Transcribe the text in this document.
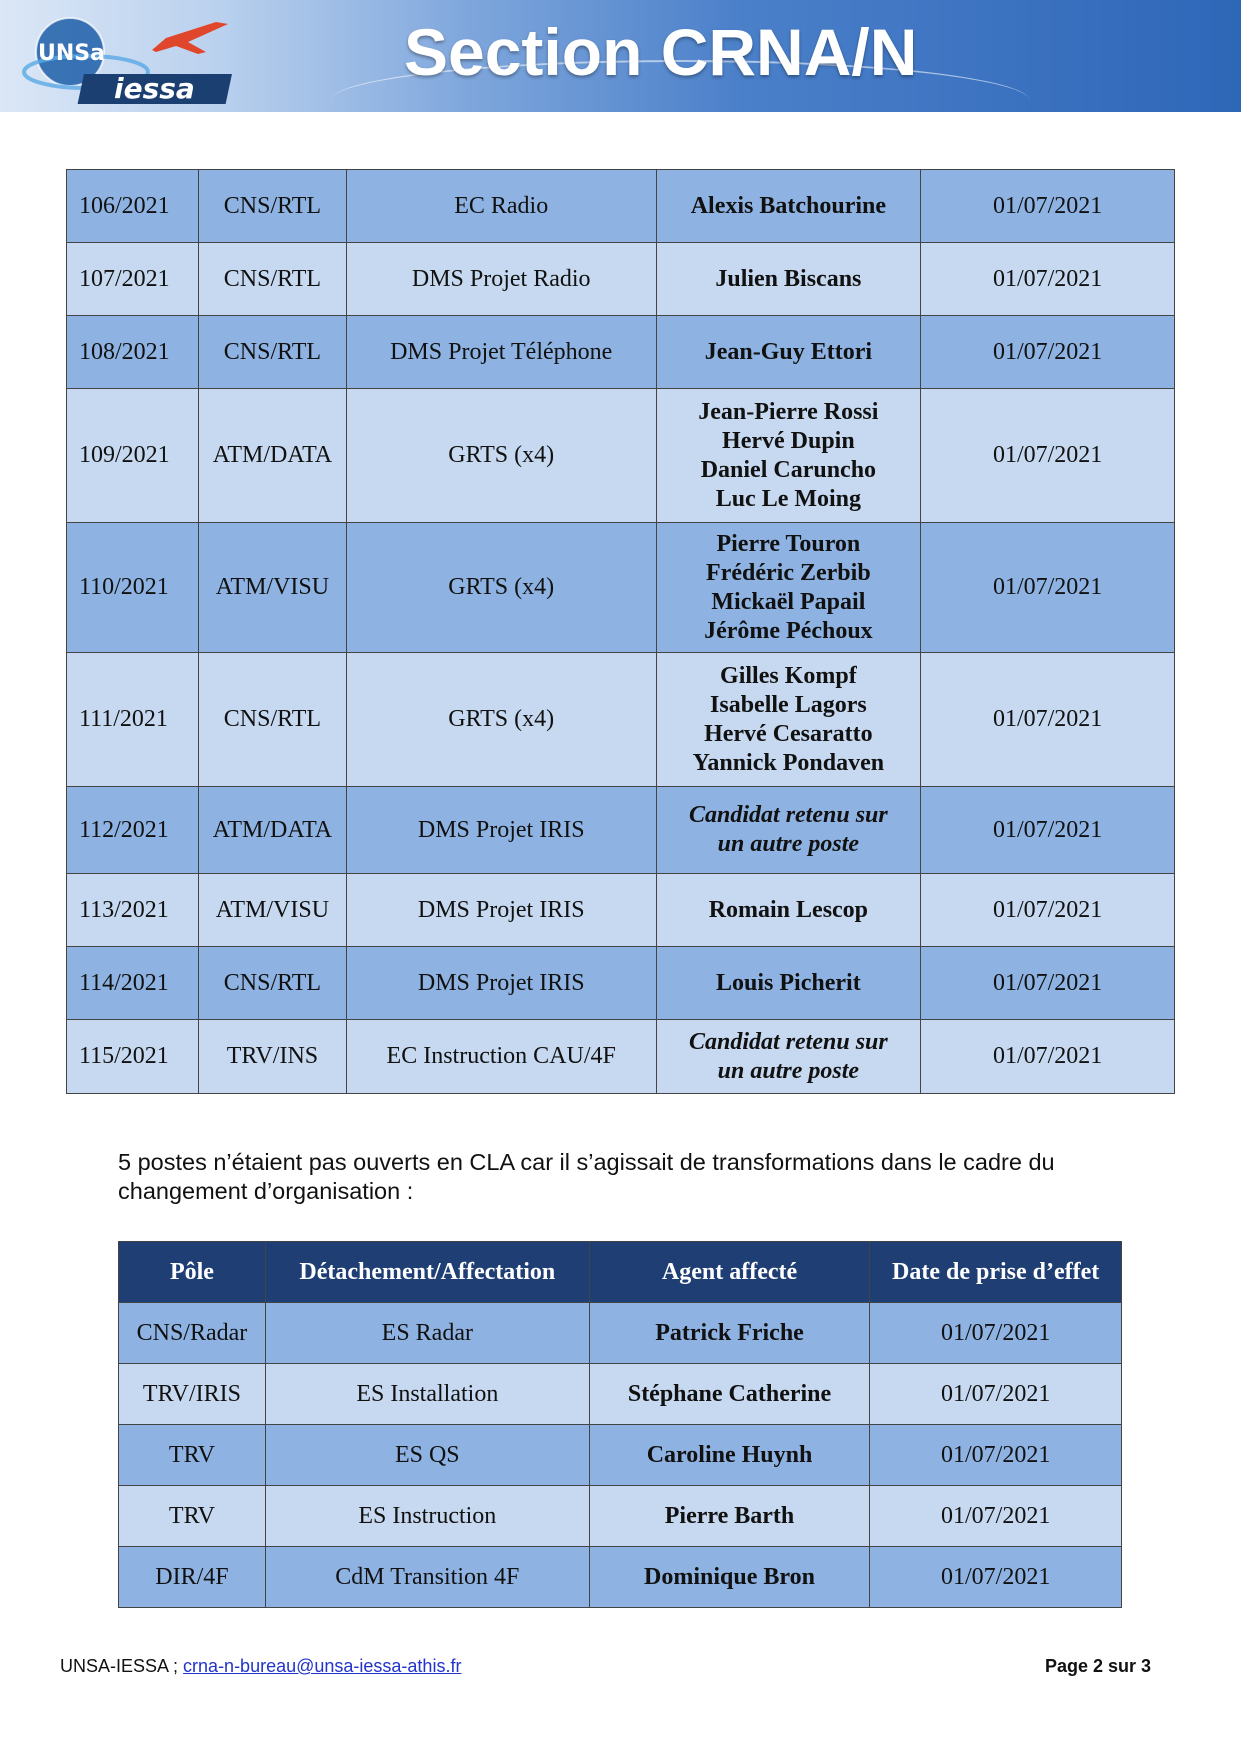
UNSa
iessa	Section CRNA/N
106/2021	CNS/RTL	EC Radio	Alexis Batchourine	01/07/2021
107/2021	CNS/RTL	DMS Projet Radio	Julien Biscans	01/07/2021
108/2021	CNS/RTL	DMS Projet Téléphone	Jean-Guy Ettori	01/07/2021
109/2021	ATM/DATA	GRTS (x4)	Jean-Pierre Rossi
Hervé Dupin
Daniel Caruncho
Luc Le Moing	01/07/2021
110/2021	ATM/VISU	GRTS (x4)	Pierre Touron
Frédéric Zerbib
Mickaël Papail
Jérôme Péchoux	01/07/2021
111/2021	CNS/RTL	GRTS (x4)	Gilles Kompf
Isabelle Lagors
Hervé Cesaratto
Yannick Pondaven	01/07/2021
112/2021	ATM/DATA	DMS Projet IRIS	Candidat retenu sur
un autre poste	01/07/2021
113/2021	ATM/VISU	DMS Projet IRIS	Romain Lescop	01/07/2021
114/2021	CNS/RTL	DMS Projet IRIS	Louis Picherit	01/07/2021
115/2021	TRV/INS	EC Instruction CAU/4F	Candidat retenu sur
un autre poste	01/07/2021
5 postes n’étaient pas ouverts en CLA car il s’agissait de transformations dans le cadre du changement d’organisation :
Pôle	Détachement/Affectation	Agent affecté	Date de prise d’effet
CNS/Radar	ES Radar	Patrick Friche	01/07/2021
TRV/IRIS	ES Installation	Stéphane Catherine	01/07/2021
TRV	ES QS	Caroline Huynh	01/07/2021
TRV	ES Instruction	Pierre Barth	01/07/2021
DIR/4F	CdM Transition 4F	Dominique Bron	01/07/2021
UNSA-IESSA ; crna-n-bureau@unsa-iessa-athis.fr	Page 2 sur 3
